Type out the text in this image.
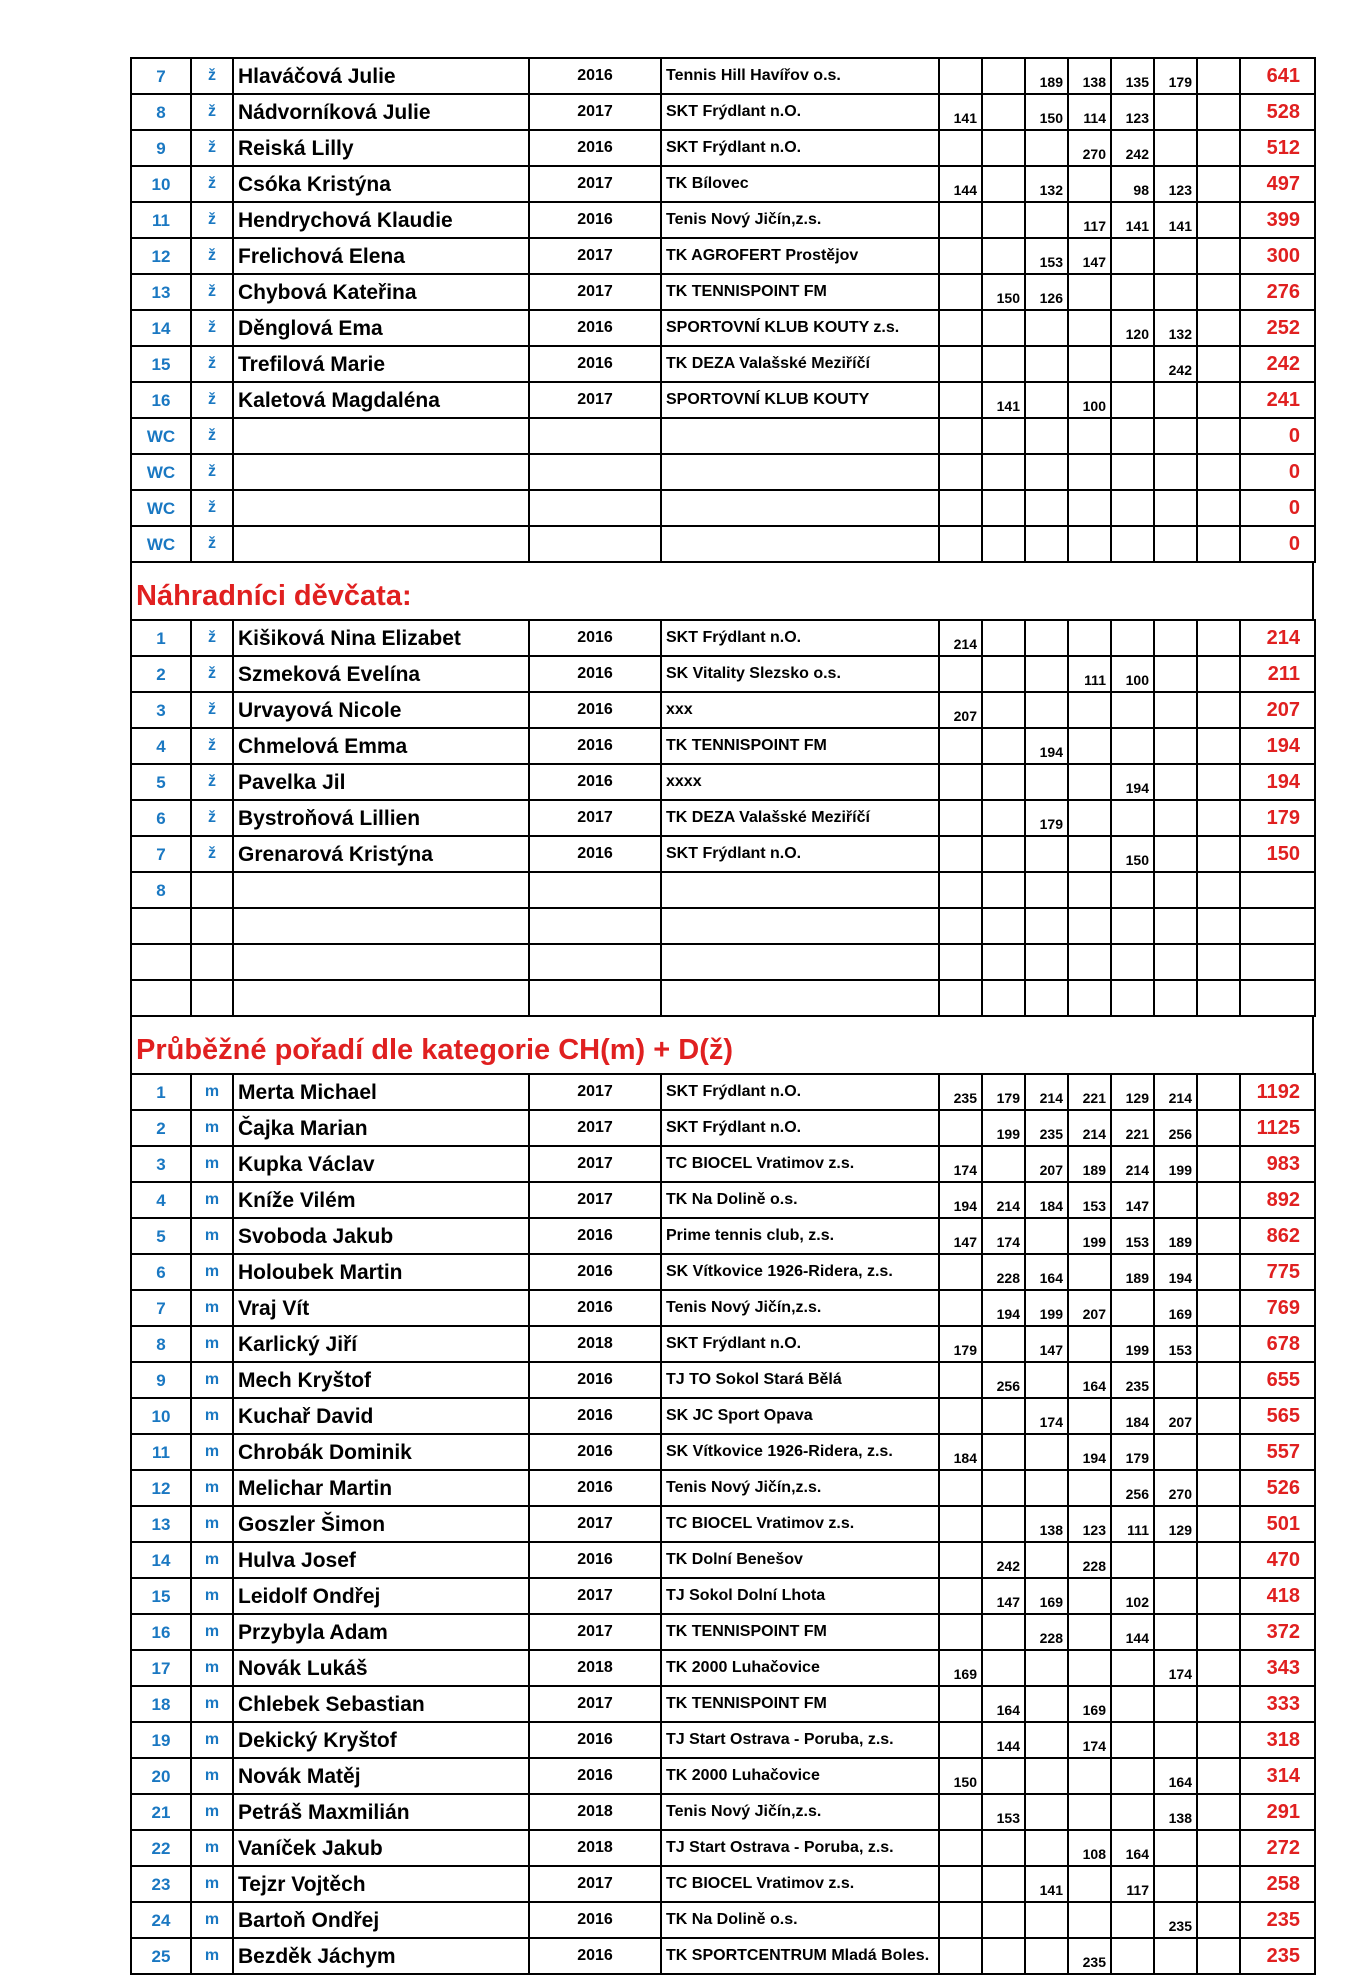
7	ž	Hlaváčová Julie	2016	Tennis Hill Havířov o.s.			189	138	135	179		641
8	ž	Nádvorníková Julie	2017	SKT Frýdlant n.O.	141		150	114	123			528
9	ž	Reiská Lilly	2016	SKT Frýdlant n.O.				270	242			512
10	ž	Csóka Kristýna	2017	TK Bílovec	144		132		98	123		497
11	ž	Hendrychová Klaudie	2016	Tenis Nový Jičín,z.s.				117	141	141		399
12	ž	Frelichová Elena	2017	TK AGROFERT Prostějov			153	147				300
13	ž	Chybová Kateřina	2017	TK TENNISPOINT FM		150	126					276
14	ž	Děnglová Ema	2016	SPORTOVNÍ KLUB KOUTY z.s.					120	132		252
15	ž	Trefilová Marie	2016	TK DEZA Valašské Meziříčí						242		242
16	ž	Kaletová Magdaléna	2017	SPORTOVNÍ KLUB KOUTY		141		100				241
WC	ž											0
WC	ž											0
WC	ž											0
WC	ž											0
Náhradníci děvčata:
1	ž	Kišiková Nina Elizabet	2016	SKT Frýdlant n.O.	214							214
2	ž	Szmeková Evelína	2016	SK Vitality Slezsko o.s.				111	100			211
3	ž	Urvayová Nicole	2016	xxx	207							207
4	ž	Chmelová Emma	2016	TK TENNISPOINT FM			194					194
5	ž	Pavelka Jil	2016	xxxx					194			194
6	ž	Bystroňová Lillien	2017	TK DEZA Valašské Meziříčí			179					179
7	ž	Grenarová Kristýna	2016	SKT Frýdlant n.O.					150			150
8												

Průběžné pořadí dle kategorie CH(m) + D(ž)
1	m	Merta Michael	2017	SKT Frýdlant n.O.	235	179	214	221	129	214		1192
2	m	Čajka Marian	2017	SKT Frýdlant n.O.		199	235	214	221	256		1125
3	m	Kupka Václav	2017	TC BIOCEL Vratimov z.s.	174		207	189	214	199		983
4	m	Kníže Vilém	2017	TK Na Dolině o.s.	194	214	184	153	147			892
5	m	Svoboda Jakub	2016	Prime tennis club, z.s.	147	174		199	153	189		862
6	m	Holoubek Martin	2016	SK Vítkovice 1926-Ridera, z.s.		228	164		189	194		775
7	m	Vraj Vít	2016	Tenis Nový Jičín,z.s.		194	199	207		169		769
8	m	Karlický Jiří	2018	SKT Frýdlant n.O.	179		147		199	153		678
9	m	Mech Kryštof	2016	TJ TO Sokol Stará Bělá		256		164	235			655
10	m	Kuchař David	2016	SK JC Sport Opava			174		184	207		565
11	m	Chrobák Dominik	2016	SK Vítkovice 1926-Ridera, z.s.	184			194	179			557
12	m	Melichar Martin	2016	Tenis Nový Jičín,z.s.					256	270		526
13	m	Goszler Šimon	2017	TC BIOCEL Vratimov z.s.			138	123	111	129		501
14	m	Hulva Josef	2016	TK Dolní Benešov		242		228				470
15	m	Leidolf Ondřej	2017	TJ Sokol Dolní Lhota		147	169		102			418
16	m	Przybyla Adam	2017	TK TENNISPOINT FM			228		144			372
17	m	Novák Lukáš	2018	TK 2000 Luhačovice	169					174		343
18	m	Chlebek Sebastian	2017	TK TENNISPOINT FM		164		169				333
19	m	Dekický Kryštof	2016	TJ Start Ostrava - Poruba, z.s.		144		174				318
20	m	Novák Matěj	2016	TK 2000 Luhačovice	150					164		314
21	m	Petráš Maxmilián	2018	Tenis Nový Jičín,z.s.		153				138		291
22	m	Vaníček Jakub	2018	TJ Start Ostrava - Poruba, z.s.				108	164			272
23	m	Tejzr Vojtěch	2017	TC BIOCEL Vratimov z.s.			141		117			258
24	m	Bartoň Ondřej	2016	TK Na Dolině o.s.						235		235
25	m	Bezděk Jáchym	2016	TK SPORTCENTRUM Mladá Boles.				235				235
